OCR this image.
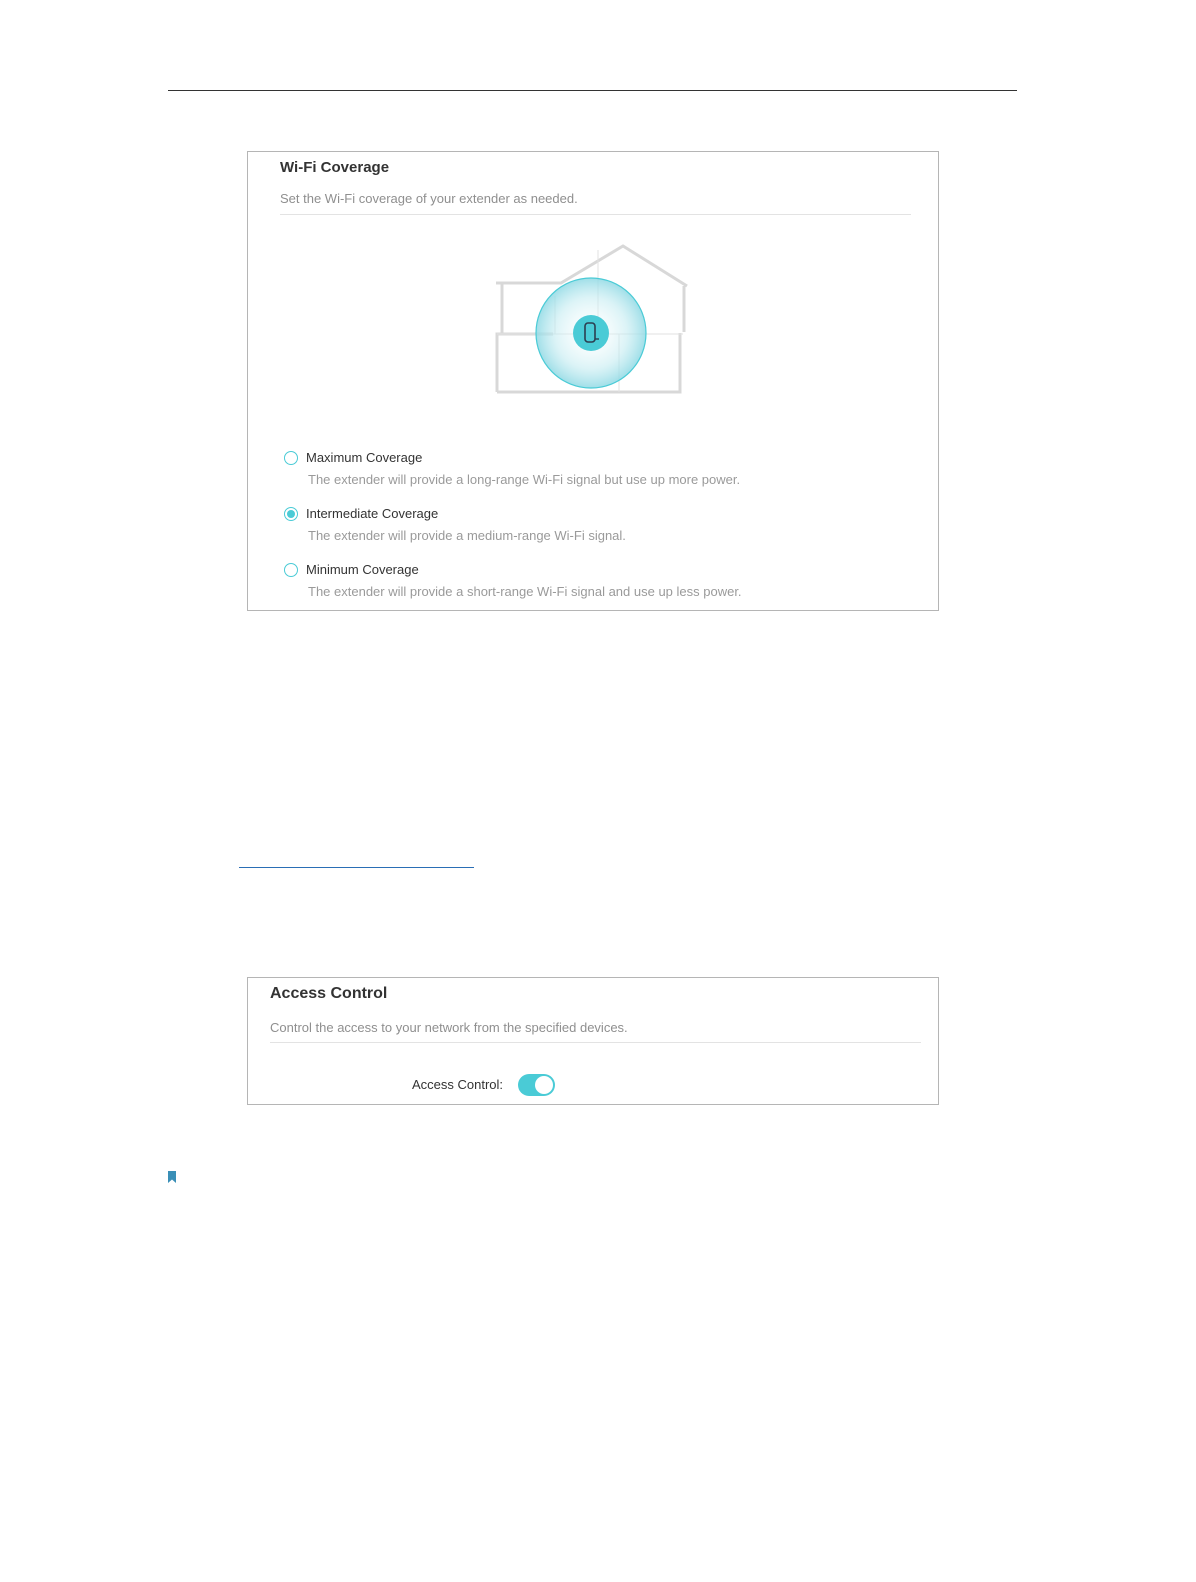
Wi-Fi Coverage
Set the Wi-Fi coverage of your extender as needed.
Maximum Coverage
The extender will provide a long-range Wi-Fi signal but use up more power.
Intermediate Coverage
The extender will provide a medium-range Wi-Fi signal.
Minimum Coverage
The extender will provide a short-range Wi-Fi signal and use up less power.
Access Control
Control the access to your network from the specified devices.
Access Control:
